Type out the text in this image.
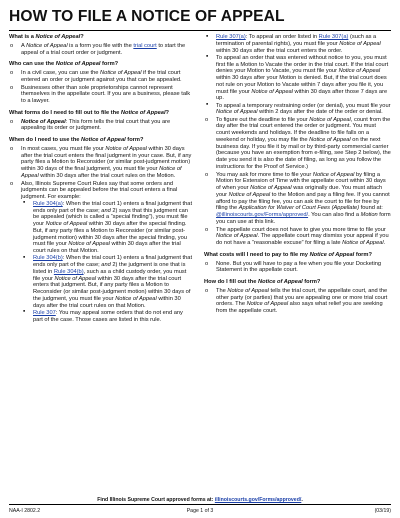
HOW TO FILE A NOTICE OF APPEAL
What is a Notice of Appeal?
o A Notice of Appeal is a form you file with the trial court to start the appeal of a trial court order or judgment.
Who can use the Notice of Appeal form?
o In a civil case, you can use the Notice of Appeal if the trial court entered an order or judgment against you that can be appealed.
o Businesses other than sole proprietorships cannot represent themselves in the appellate court. If you are a business, please talk to a lawyer.
What forms do I need to fill out to file the Notice of Appeal?
o Notice of Appeal: This form tells the trial court that you are appealing its order or judgment.
When do I need to use the Notice of Appeal form?
o In most cases, you must file your Notice of Appeal within 30 days after the trial court enters the final judgment in your case. But, if any party files a Motion to Reconsider (or similar post-judgment motion) within 30 days of the final judgment, you must file your Notice of Appeal within 30 days after the trial court rules on the Motion.
o Also, Illinois Supreme Court Rules say that some orders and judgments can be appealed before the trial court enters a final judgment. For example:
▪ Rule 304(a): When the trial court 1) enters a final judgment that ends only part of the case; and 2) says that this judgment can be appealed (which is called a “special finding”), you must file your Notice of Appeal within 30 days after the special finding. But, if any party files a Motion to Reconsider (or similar post-judgment motion) within 30 days after the special finding, you must file your Notice of Appeal within 30 days after the trial court rules on that Motion.
▪ Rule 304(b): When the trial court 1) enters a final judgment that ends only part of the case; and 2) the judgment is one that is listed in Rule 304(b), such as a child custody order, you must file your Notice of Appeal within 30 days after the trial court enters that judgment. But, if any party files a Motion to Reconsider (or similar post-judgment motion) within 30 days of the judgment, you must file your Notice of Appeal within 30 days after the trial court rules on that Motion.
▪ Rule 307: You may appeal some orders that do not end any part of the case. Those cases are listed in this rule.
▪ Rule 307(a): To appeal an order listed in Rule 307(a) (such as a termination of parental rights), you must file your Notice of Appeal within 30 days after the trial court enters the order.
▪ To appeal an order that was entered without notice to you, you must first file a Motion to Vacate the order in the trial court. If the trial court denies your Motion to Vacate, you must file your Notice of Appeal within 30 days after your Motion is denied. But, if the trial court does not rule on your Motion to Vacate within 7 days after you file it, you must file your Notice of Appeal within 30 days after those 7 days are up.
▪ To appeal a temporary restraining order (or denial), you must file your Notice of Appeal within 2 days after the date of the order or denial.
o To figure out the deadline to file your Notice of Appeal, count from the day after the trial court entered the order or judgment. You must count weekends and holidays. If the deadline to file falls on a weekend or holiday, you may file the Notice of Appeal on the next business day. If you file it by mail or by third-party commercial carrier (because you have an exemption from e-filing, see Step 2 below), the date you send it is also the date of filing, as long as you follow the instructions for the Proof of Service.)
o You may ask for more time to file your Notice of Appeal by filing a Motion for Extension of Time with the appellate court within 30 days of when your Notice of Appeal was originally due. You must attach your Notice of Appeal to the Motion and pay a filing fee. If you cannot afford to pay the filing fee, you can ask the court to file for free by filing the Application for Waiver of Court Fees (Appellate) found at: @illinoiscourts.gov/Forms/approved/. You can also find a Motion form you can use at this link.
o The appellate court does not have to give you more time to file your Notice of Appeal. The appellate court may dismiss your appeal if you do not have a “reasonable excuse” for filing a late Notice of Appeal.
What costs will I need to pay to file my Notice of Appeal form?
o None. But you will have to pay a fee when you file your Docketing Statement in the appellate court.
How do I fill out the Notice of Appeal form?
o The Notice of Appeal tells the trial court, the appellate court, and the other party (or parties) that you are appealing one or more trial court orders. The Notice of Appeal also says what relief you are seeking from the appellate court.
Find Illinois Supreme Court approved forms at: illinoiscourts.gov/Forms/approved/.
NAA-I 2802.2	Page 1 of 3	(03/19)
